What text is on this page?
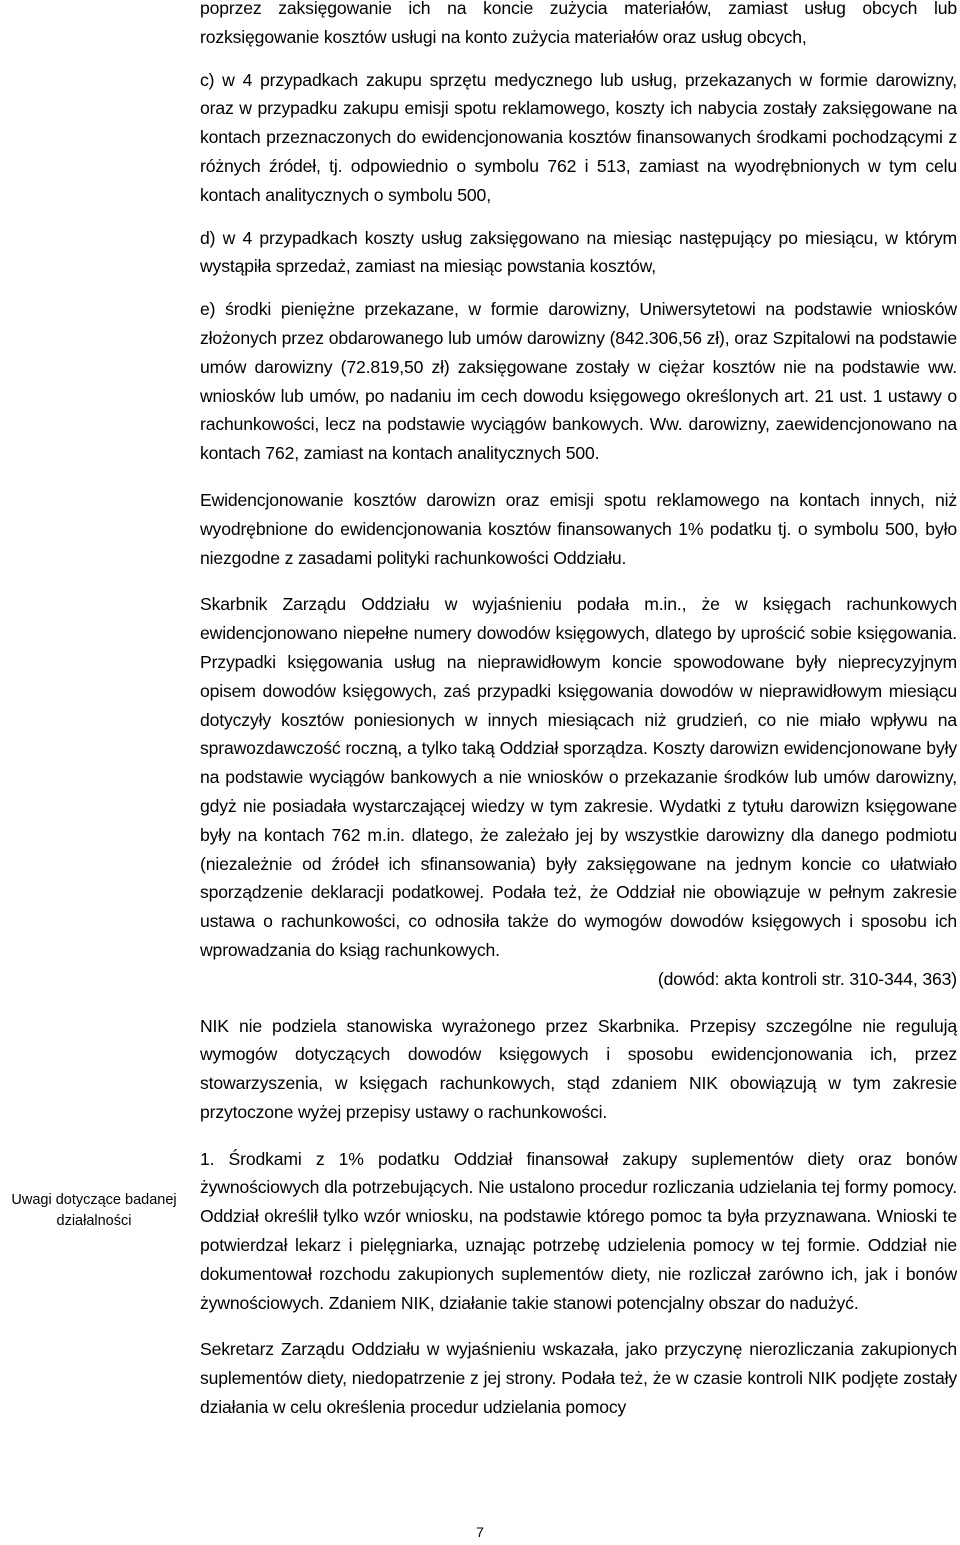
Uwagi dotyczące badanej działalności

poprzez zaksięgowanie ich na koncie zużycia materiałów, zamiast usług obcych lub rozksięgowanie kosztów usługi na konto zużycia materiałów oraz usług obcych,

c) w 4 przypadkach zakupu sprzętu medycznego lub usług, przekazanych w formie darowizny, oraz w przypadku zakupu emisji spotu reklamowego, koszty ich nabycia zostały zaksięgowane na kontach przeznaczonych do ewidencjonowania kosztów finansowanych środkami pochodzącymi z różnych źródeł, tj. odpowiednio o symbolu 762 i 513, zamiast na wyodrębnionych w tym celu kontach analitycznych o symbolu 500,

d) w 4 przypadkach koszty usług zaksięgowano na miesiąc następujący po miesiącu, w którym wystąpiła sprzedaż, zamiast na miesiąc powstania kosztów,

e) środki pieniężne przekazane, w formie darowizny, Uniwersytetowi na podstawie wniosków złożonych przez obdarowanego lub umów darowizny (842.306,56 zł), oraz Szpitalowi na podstawie umów darowizny (72.819,50 zł) zaksięgowane zostały w ciężar kosztów nie na podstawie ww. wniosków lub umów, po nadaniu im cech dowodu księgowego określonych art. 21 ust. 1 ustawy o rachunkowości, lecz na podstawie wyciągów bankowych. Ww. darowizny, zaewidencjonowano na kontach 762, zamiast na kontach analitycznych 500.

Ewidencjonowanie kosztów darowizn oraz emisji spotu reklamowego na kontach innych, niż wyodrębnione do ewidencjonowania kosztów finansowanych 1% podatku tj. o symbolu 500, było niezgodne z zasadami polityki rachunkowości Oddziału.

Skarbnik Zarządu Oddziału w wyjaśnieniu podała m.in., że w księgach rachunkowych ewidencjonowano niepełne numery dowodów księgowych, dlatego by uprościć sobie księgowania. Przypadki księgowania usług na nieprawidłowym koncie spowodowane były nieprecyzyjnym opisem dowodów księgowych, zaś przypadki księgowania dowodów w nieprawidłowym miesiącu dotyczyły kosztów poniesionych w innych miesiącach niż grudzień, co nie miało wpływu na sprawozdawczość roczną, a tylko taką Oddział sporządza. Koszty darowizn ewidencjonowane były na podstawie wyciągów bankowych a nie wniosków o przekazanie środków lub umów darowizny, gdyż nie posiadała wystarczającej wiedzy w tym zakresie. Wydatki z tytułu darowizn księgowane były na kontach 762 m.in. dlatego, że zależało jej by wszystkie darowizny dla danego podmiotu (niezależnie od źródeł ich sfinansowania) były zaksięgowane na jednym koncie co ułatwiało sporządzenie deklaracji podatkowej. Podała też, że Oddział nie obowiązuje w pełnym zakresie ustawa o rachunkowości, co odnosiła także do wymogów dowodów księgowych i sposobu ich wprowadzania do ksiąg rachunkowych.

(dowód: akta kontroli str. 310-344, 363)

NIK nie podziela stanowiska wyrażonego przez Skarbnika. Przepisy szczególne nie regulują wymogów dotyczących dowodów księgowych i sposobu ewidencjonowania ich, przez stowarzyszenia, w księgach rachunkowych, stąd zdaniem NIK obowiązują w tym zakresie przytoczone wyżej przepisy ustawy o rachunkowości.

1. Środkami z 1% podatku Oddział finansował zakupy suplementów diety oraz bonów żywnościowych dla potrzebujących. Nie ustalono procedur rozliczania udzielania tej formy pomocy. Oddział określił tylko wzór wniosku, na podstawie którego pomoc ta była przyznawana. Wnioski te potwierdzał lekarz i pielęgniarka, uznając potrzebę udzielenia pomocy w tej formie. Oddział nie dokumentował rozchodu zakupionych suplementów diety, nie rozliczał zarówno ich, jak i bonów żywnościowych. Zdaniem NIK, działanie takie stanowi potencjalny obszar do nadużyć.

Sekretarz Zarządu Oddziału w wyjaśnieniu wskazała, jako przyczynę nierozliczania zakupionych suplementów diety, niedopatrzenie z jej strony. Podała też, że w czasie kontroli NIK podjęte zostały działania w celu określenia procedur udzielania pomocy

7
